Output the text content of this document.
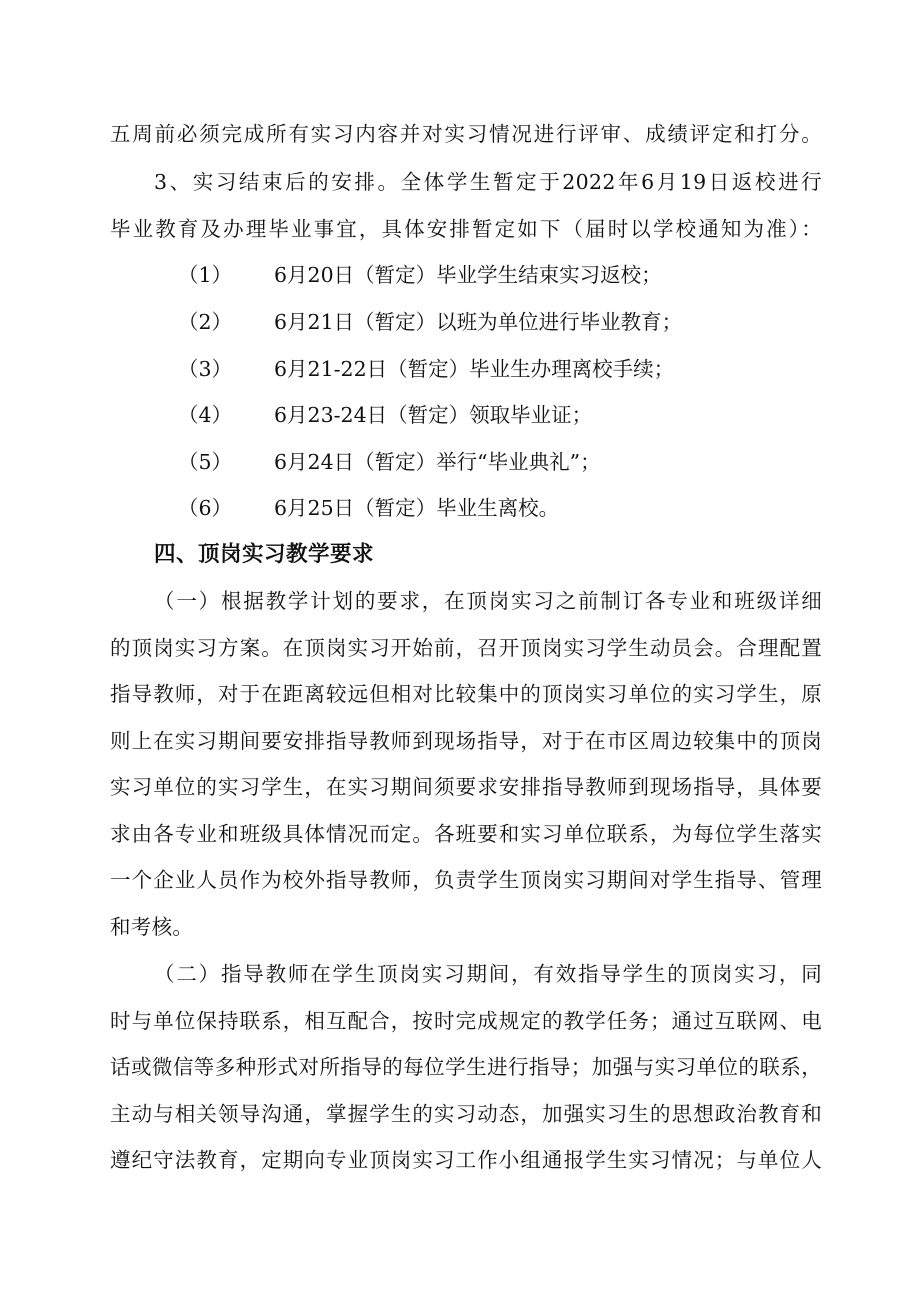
五周前必须完成所有实习内容并对实习情况进行评审、成绩评定和打分。
3、实习结束后的安排。全体学生暂定于2022年6月19日返校进行
毕业教育及办理毕业事宜，具体安排暂定如下（届时以学校通知为准）：
（1） 6月20日（暂定）毕业学生结束实习返校；
（2） 6月21日（暂定）以班为单位进行毕业教育；
（3） 6月21-22日（暂定）毕业生办理离校手续；
（4） 6月23-24日（暂定）领取毕业证；
（5） 6月24日（暂定）举行“毕业典礼”；
（6） 6月25日（暂定）毕业生离校。
四、顶岗实习教学要求
（一）根据教学计划的要求，在顶岗实习之前制订各专业和班级详细
的顶岗实习方案。在顶岗实习开始前，召开顶岗实习学生动员会。合理配置
指导教师，对于在距离较远但相对比较集中的顶岗实习单位的实习学生，原
则上在实习期间要安排指导教师到现场指导，对于在市区周边较集中的顶岗
实习单位的实习学生，在实习期间须要求安排指导教师到现场指导，具体要
求由各专业和班级具体情况而定。各班要和实习单位联系，为每位学生落实
一个企业人员作为校外指导教师，负责学生顶岗实习期间对学生指导、管理
和考核。
（二）指导教师在学生顶岗实习期间，有效指导学生的顶岗实习，同
时与单位保持联系，相互配合，按时完成规定的教学任务；通过互联网、电
话或微信等多种形式对所指导的每位学生进行指导；加强与实习单位的联系，
主动与相关领导沟通，掌握学生的实习动态，加强实习生的思想政治教育和
遵纪守法教育，定期向专业顶岗实习工作小组通报学生实习情况；与单位人
